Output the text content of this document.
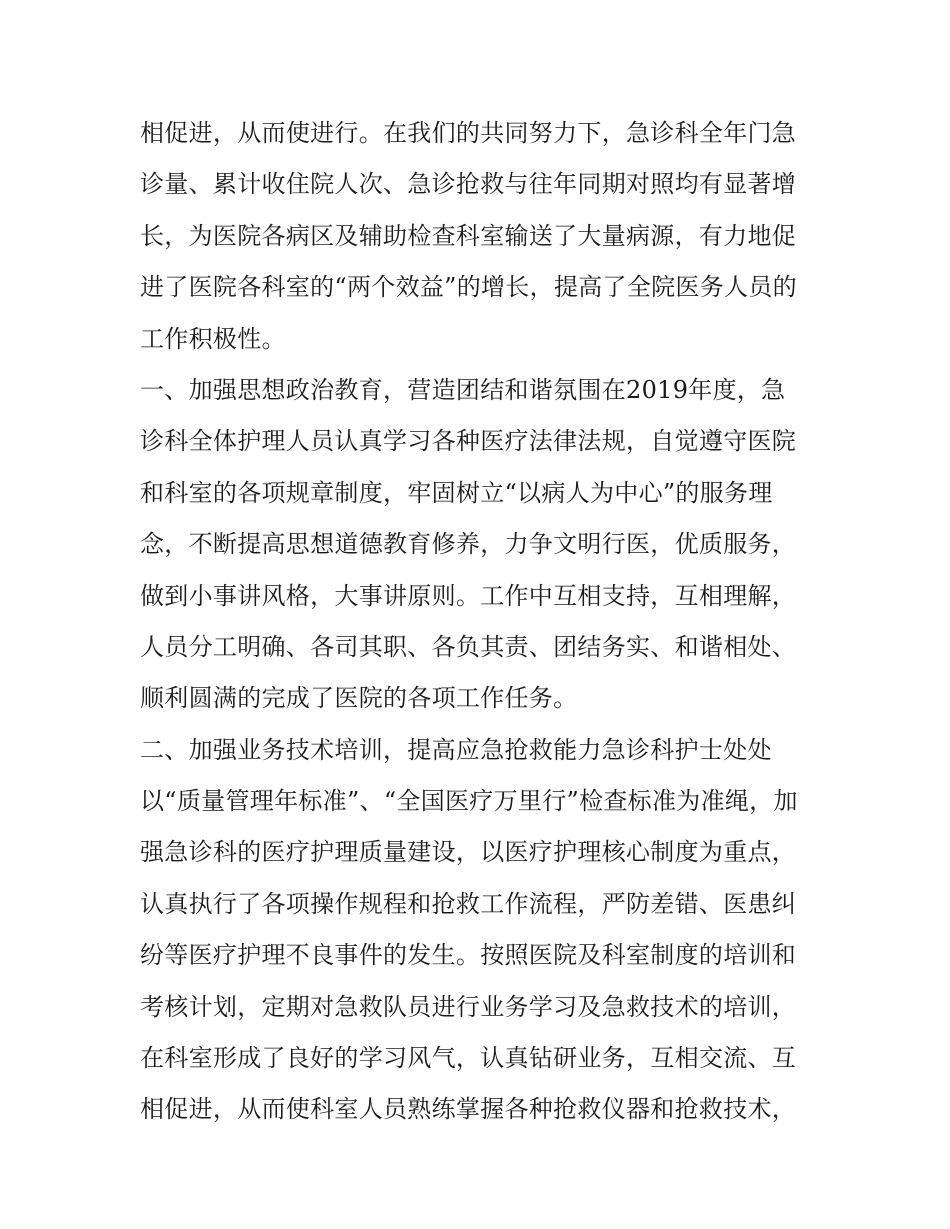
相促进，从而使进行。在我们的共同努力下，急诊科全年门急
诊量、累计收住院人次、急诊抢救与往年同期对照均有显著增
长，为医院各病区及辅助检查科室输送了大量病源，有力地促
进了医院各科室的“两个效益”的增长，提高了全院医务人员的
工作积极性。
一、加强思想政治教育，营造团结和谐氛围在2019年度，急
诊科全体护理人员认真学习各种医疗法律法规，自觉遵守医院
和科室的各项规章制度，牢固树立“以病人为中心”的服务理
念，不断提高思想道德教育修养，力争文明行医，优质服务，
做到小事讲风格，大事讲原则。工作中互相支持，互相理解，
人员分工明确、各司其职、各负其责、团结务实、和谐相处、
顺利圆满的完成了医院的各项工作任务。
二、加强业务技术培训，提高应急抢救能力急诊科护士处处
以“质量管理年标准”、“全国医疗万里行”检查标准为准绳，加
强急诊科的医疗护理质量建设，以医疗护理核心制度为重点，
认真执行了各项操作规程和抢救工作流程，严防差错、医患纠
纷等医疗护理不良事件的发生。按照医院及科室制度的培训和
考核计划，定期对急救队员进行业务学习及急救技术的培训，
在科室形成了良好的学习风气，认真钻研业务，互相交流、互
相促进，从而使科室人员熟练掌握各种抢救仪器和抢救技术，
